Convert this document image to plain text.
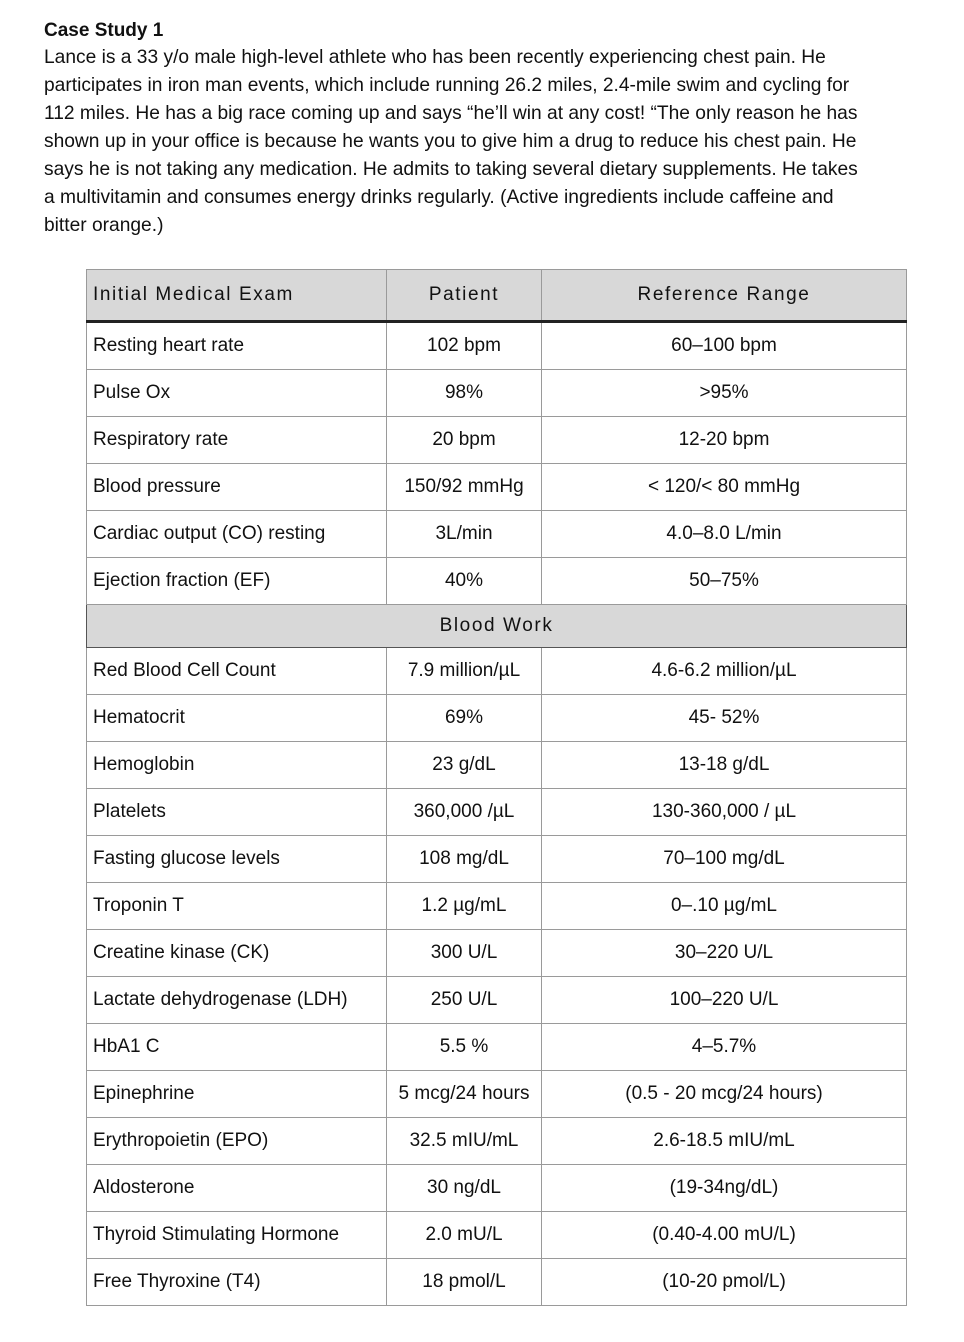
Case Study 1
Lance is a 33 y/o male high-level athlete who has been recently experiencing chest pain. He
participates in iron man events, which include running 26.2 miles, 2.4-mile swim and cycling for
112 miles. He has a big race coming up and says “he’ll win at any cost! “The only reason he has
shown up in your office is because he wants you to give him a drug to reduce his chest pain. He
says he is not taking any medication. He admits to taking several dietary supplements. He takes
a multivitamin and consumes energy drinks regularly. (Active ingredients include caffeine and
bitter orange.)
Initial Medical Exam	Patient	Reference Range
Resting heart rate	102 bpm	60–100 bpm
Pulse Ox	98%	>95%
Respiratory rate	20 bpm	12-20 bpm
Blood pressure	150/92 mmHg	< 120/< 80 mmHg
Cardiac output (CO) resting	3L/min	4.0–8.0 L/min
Ejection fraction (EF)	40%	50–75%
Blood Work		
Red Blood Cell Count	7.9 million/µL	4.6-6.2 million/µL
Hematocrit	69%	45- 52%
Hemoglobin	23 g/dL	13-18 g/dL
Platelets	360,000 /µL	130-360,000 / µL
Fasting glucose levels	108 mg/dL	70–100 mg/dL
Troponin T	1.2 µg/mL	0–.10 µg/mL
Creatine kinase (CK)	300 U/L	30–220 U/L
Lactate dehydrogenase (LDH)	250 U/L	100–220 U/L
HbA1 C	5.5 %	4–5.7%
Epinephrine	5 mcg/24 hours	(0.5 - 20 mcg/24 hours)
Erythropoietin (EPO)	32.5 mIU/mL	2.6-18.5 mIU/mL
Aldosterone	30 ng/dL	(19-34ng/dL)
Thyroid Stimulating Hormone	2.0 mU/L	(0.40-4.00 mU/L)
Free Thyroxine (T4)	18 pmol/L	(10-20 pmol/L)
